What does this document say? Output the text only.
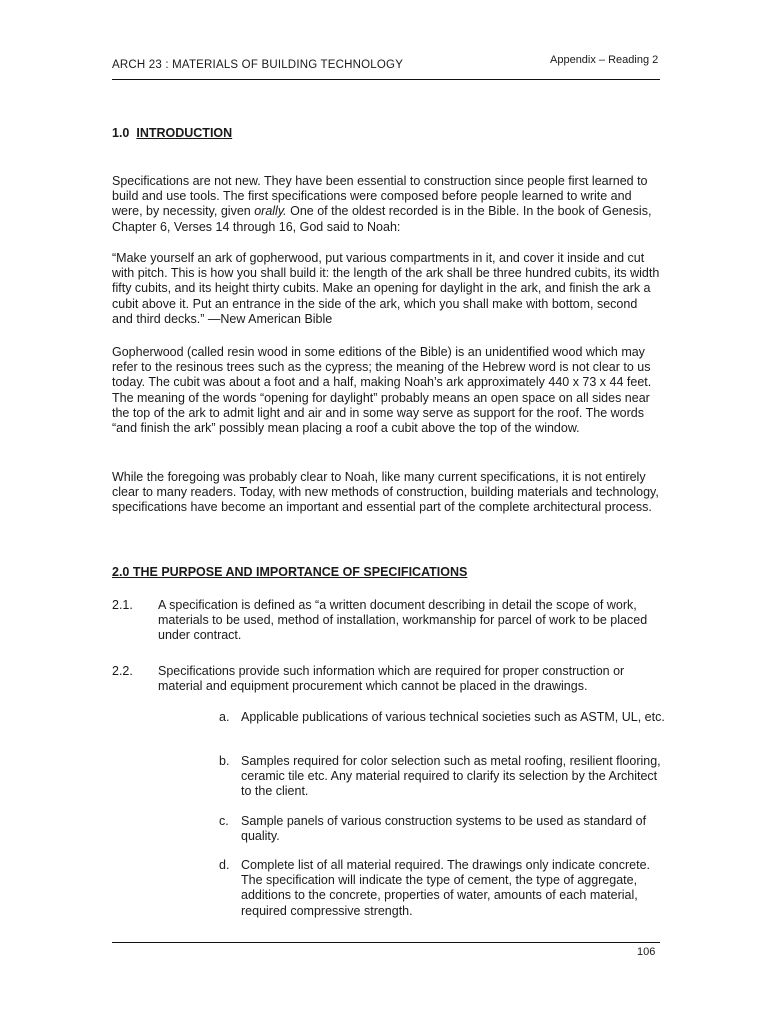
ARCH 23 : MATERIALS OF BUILDING TECHNOLOGY	Appendix – Reading 2
1.0 INTRODUCTION
Specifications are not new. They have been essential to construction since people first learned to build and use tools. The first specifications were composed before people learned to write and were, by necessity, given orally. One of the oldest recorded is in the Bible. In the book of Genesis, Chapter 6, Verses 14 through 16, God said to Noah:
“Make yourself an ark of gopherwood, put various compartments in it, and cover it inside and cut with pitch. This is how you shall build it: the length of the ark shall be three hundred cubits, its width fifty cubits, and its height thirty cubits. Make an opening for daylight in the ark, and finish the ark a cubit above it. Put an entrance in the side of the ark, which you shall make with bottom, second and third decks.” —New American Bible
Gopherwood (called resin wood in some editions of the Bible) is an unidentified wood which may refer to the resinous trees such as the cypress; the meaning of the Hebrew word is not clear to us today. The cubit was about a foot and a half, making Noah’s ark approximately 440 x 73 x 44 feet. The meaning of the words “opening for daylight” probably means an open space on all sides near the top of the ark to admit light and air and in some way serve as support for the roof. The words “and finish the ark” possibly mean placing a roof a cubit above the top of the window.
While the foregoing was probably clear to Noah, like many current specifications, it is not entirely clear to many readers. Today, with new methods of construction, building materials and technology, specifications have become an important and essential part of the complete architectural process.
2.0 THE PURPOSE AND IMPORTANCE OF SPECIFICATIONS
2.1. A specification is defined as “a written document describing in detail the scope of work, materials to be used, method of installation, workmanship for parcel of work to be placed under contract.
2.2. Specifications provide such information which are required for proper construction or material and equipment procurement which cannot be placed in the drawings.
a. Applicable publications of various technical societies such as ASTM, UL, etc.
b. Samples required for color selection such as metal roofing, resilient flooring, ceramic tile etc. Any material required to clarify its selection by the Architect to the client.
c. Sample panels of various construction systems to be used as standard of quality.
d. Complete list of all material required. The drawings only indicate concrete. The specification will indicate the type of cement, the type of aggregate, additions to the concrete, properties of water, amounts of each material, required compressive strength.
106
